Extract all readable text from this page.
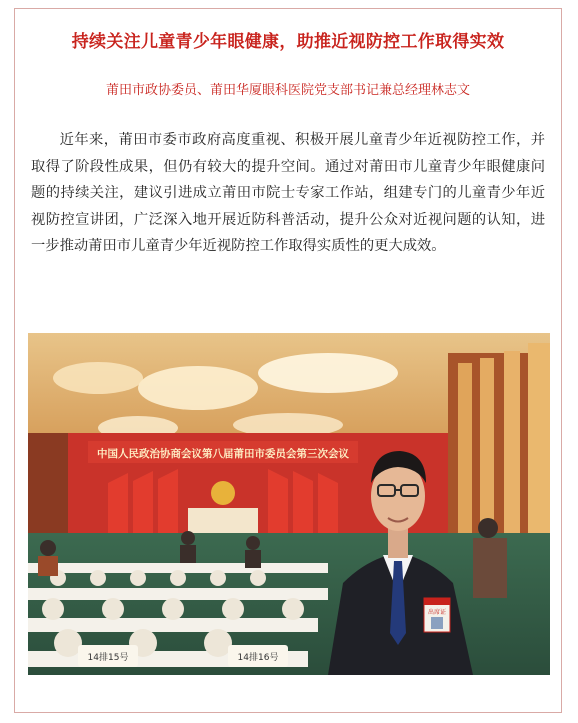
持续关注儿童青少年眼健康，助推近视防控工作取得实效
莆田市政协委员、莆田华厦眼科医院党支部书记兼总经理林志文
近年来，莆田市委市政府高度重视、积极开展儿童青少年近视防控工作，并取得了阶段性成果，但仍有较大的提升空间。通过对莆田市儿童青少年眼健康问题的持续关注，建议引进成立莆田市院士专家工作站，组建专门的儿童青少年近视防控宣讲团，广泛深入地开展近防科普活动，提升公众对近视问题的认知，进一步推动莆田市儿童青少年近视防控工作取得实质性的更大成效。
中国人民政治协商会议第八届莆田市委员会第三次会议
14排15号	14排16号
出席证
